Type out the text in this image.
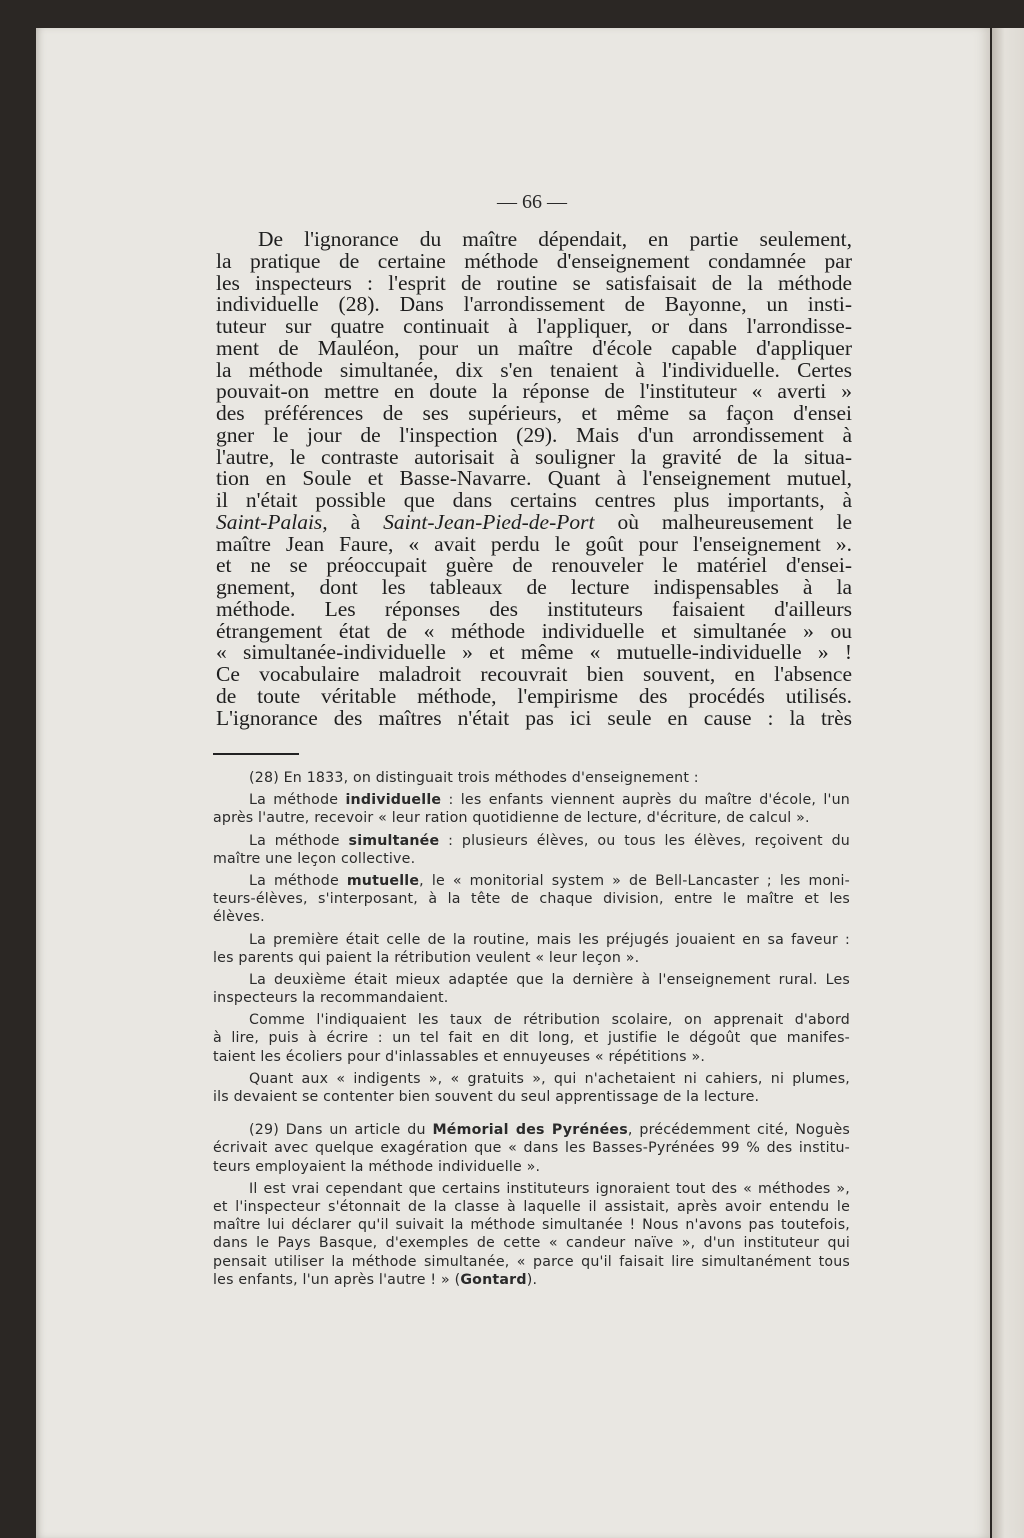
— 66 —
De l'ignorance du maître dépendait, en partie seulement,
la pratique de certaine méthode d'enseignement condamnée par
les inspecteurs : l'esprit de routine se satisfaisait de la méthode
individuelle (28). Dans l'arrondissement de Bayonne, un insti-
tuteur sur quatre continuait à l'appliquer, or dans l'arrondisse-
ment de Mauléon, pour un maître d'école capable d'appliquer
la méthode simultanée, dix s'en tenaient à l'individuelle. Certes
pouvait-on mettre en doute la réponse de l'instituteur « averti »
des préférences de ses supérieurs, et même sa façon d'ensei
gner le jour de l'inspection (29). Mais d'un arrondissement à
l'autre, le contraste autorisait à souligner la gravité de la situa-
tion en Soule et Basse-Navarre. Quant à l'enseignement mutuel,
il n'était possible que dans certains centres plus importants, à
Saint-Palais, à Saint-Jean-Pied-de-Port où malheureusement le
maître Jean Faure, « avait perdu le goût pour l'enseignement ».
et ne se préoccupait guère de renouveler le matériel d'ensei-
gnement, dont les tableaux de lecture indispensables à la
méthode. Les réponses des instituteurs faisaient d'ailleurs
étrangement état de « méthode individuelle et simultanée » ou
« simultanée-individuelle » et même « mutuelle-individuelle » !
Ce vocabulaire maladroit recouvrait bien souvent, en l'absence
de toute véritable méthode, l'empirisme des procédés utilisés.
L'ignorance des maîtres n'était pas ici seule en cause : la très
(28) En 1833, on distinguait trois méthodes d'enseignement :
La méthode individuelle : les enfants viennent auprès du maître d'école, l'un
après l'autre, recevoir « leur ration quotidienne de lecture, d'écriture, de calcul ».
La méthode simultanée : plusieurs élèves, ou tous les élèves, reçoivent du
maître une leçon collective.
La méthode mutuelle, le « monitorial system » de Bell-Lancaster ; les moni-
teurs-élèves, s'interposant, à la tête de chaque division, entre le maître et les
élèves.
La première était celle de la routine, mais les préjugés jouaient en sa faveur :
les parents qui paient la rétribution veulent « leur leçon ».
La deuxième était mieux adaptée que la dernière à l'enseignement rural. Les
inspecteurs la recommandaient.
Comme l'indiquaient les taux de rétribution scolaire, on apprenait d'abord
à lire, puis à écrire : un tel fait en dit long, et justifie le dégoût que manifes-
taient les écoliers pour d'inlassables et ennuyeuses « répétitions ».
Quant aux « indigents », « gratuits », qui n'achetaient ni cahiers, ni plumes,
ils devaient se contenter bien souvent du seul apprentissage de la lecture.
(29) Dans un article du Mémorial des Pyrénées, précédemment cité, Noguès
écrivait avec quelque exagération que « dans les Basses-Pyrénées 99 % des institu-
teurs employaient la méthode individuelle ».
Il est vrai cependant que certains instituteurs ignoraient tout des « méthodes »,
et l'inspecteur s'étonnait de la classe à laquelle il assistait, après avoir entendu le
maître lui déclarer qu'il suivait la méthode simultanée ! Nous n'avons pas toutefois,
dans le Pays Basque, d'exemples de cette « candeur naïve », d'un instituteur qui
pensait utiliser la méthode simultanée, « parce qu'il faisait lire simultanément tous
les enfants, l'un après l'autre ! » (Gontard).
